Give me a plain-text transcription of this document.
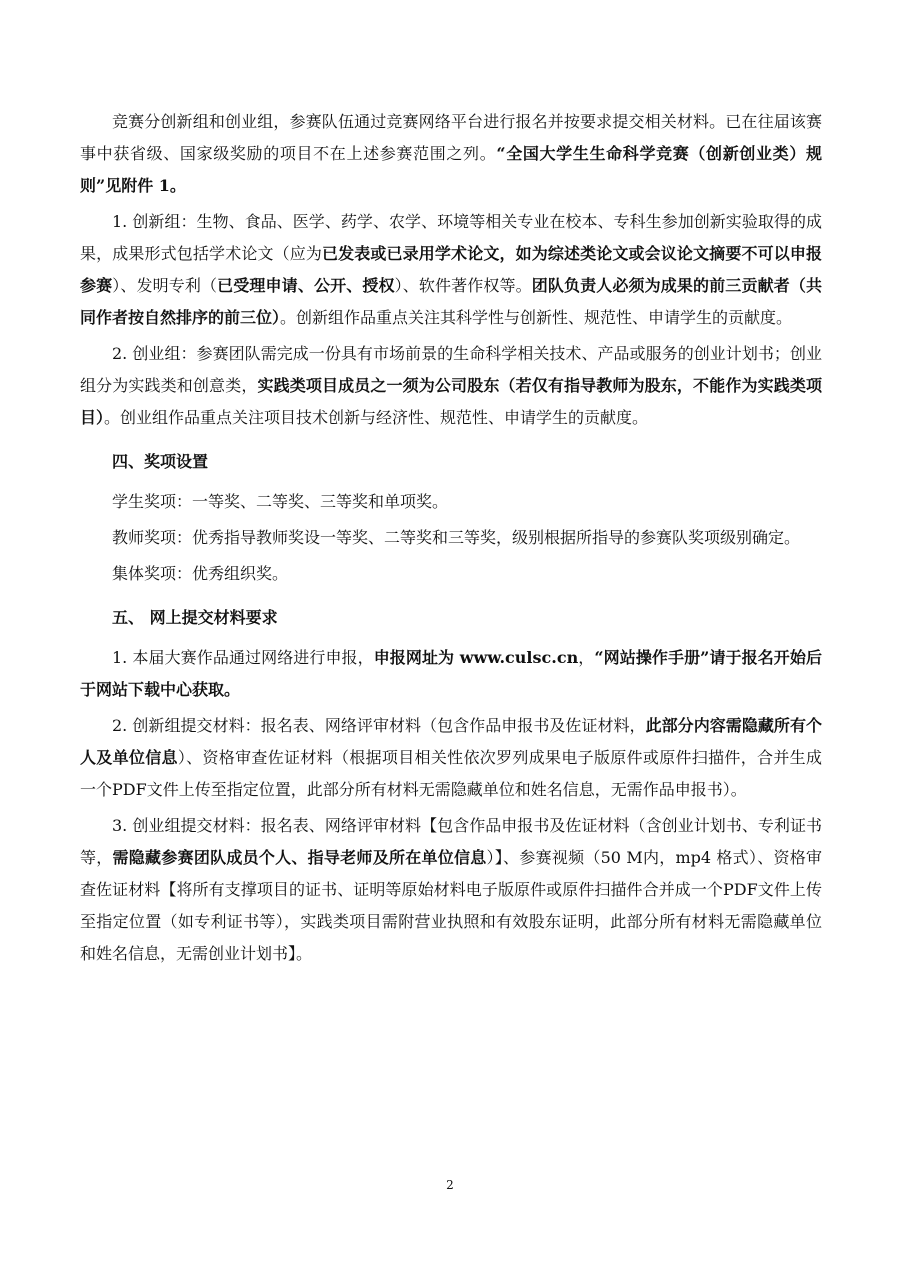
竞赛分创新组和创业组，参赛队伍通过竞赛网络平台进行报名并按要求提交相关材料。已在往届该赛事中获省级、国家级奖励的项目不在上述参赛范围之列。“全国大学生生命科学竞赛（创新创业类）规则”见附件 1。

1. 创新组：生物、食品、医学、药学、农学、环境等相关专业在校本、专科生参加创新实验取得的成果，成果形式包括学术论文（应为已发表或已录用学术论文，如为综述类论文或会议论文摘要不可以申报参赛）、发明专利（已受理申请、公开、授权）、软件著作权等。团队负责人必须为成果的前三贡献者（共同作者按自然排序的前三位）。创新组作品重点关注其科学性与创新性、规范性、申请学生的贡献度。

2. 创业组：参赛团队需完成一份具有市场前景的生命科学相关技术、产品或服务的创业计划书；创业组分为实践类和创意类，实践类项目成员之一须为公司股东（若仅有指导教师为股东，不能作为实践类项目）。创业组作品重点关注项目技术创新与经济性、规范性、申请学生的贡献度。

四、奖项设置

学生奖项：一等奖、二等奖、三等奖和单项奖。

教师奖项：优秀指导教师奖设一等奖、二等奖和三等奖，级别根据所指导的参赛队奖项级别确定。

集体奖项：优秀组织奖。

五、 网上提交材料要求

1. 本届大赛作品通过网络进行申报，申报网址为 www.culsc.cn，“网站操作手册”请于报名开始后于网站下载中心获取。

2. 创新组提交材料：报名表、网络评审材料（包含作品申报书及佐证材料，此部分内容需隐藏所有个人及单位信息）、资格审查佐证材料（根据项目相关性依次罗列成果电子版原件或原件扫描件，合并生成一个PDF文件上传至指定位置，此部分所有材料无需隐藏单位和姓名信息，无需作品申报书）。

3. 创业组提交材料：报名表、网络评审材料【包含作品申报书及佐证材料（含创业计划书、专利证书等，需隐藏参赛团队成员个人、指导老师及所在单位信息）】、参赛视频（50 M内，mp4 格式）、资格审查佐证材料【将所有支撑项目的证书、证明等原始材料电子版原件或原件扫描件合并成一个PDF文件上传至指定位置（如专利证书等），实践类项目需附营业执照和有效股东证明，此部分所有材料无需隐藏单位和姓名信息，无需创业计划书】。

2
